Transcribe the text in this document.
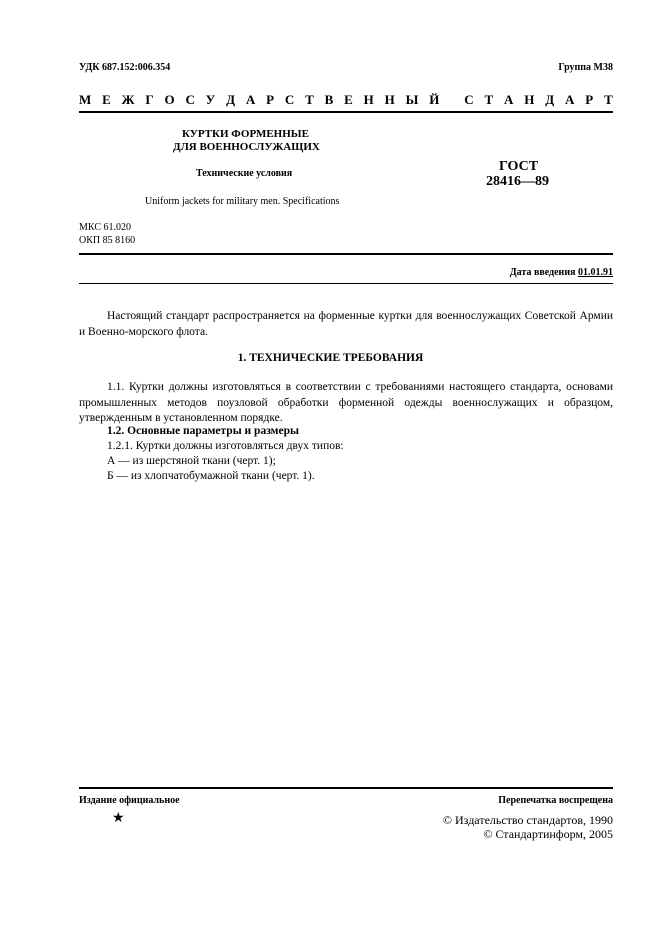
УДК 687.152:006.354	Группа М38
М Е Ж Г О С У Д А Р С Т В Е Н Н Ы Й
С Т А Н Д А Р Т
КУРТКИ ФОРМЕННЫЕ
ДЛЯ ВОЕННОСЛУЖАЩИХ
Технические условия
Uniform jackets for military men. Specifications
ГОСТ
28416—89
МКС 61.020
ОКП 85 8160
Дата введения 01.01.91
Настоящий стандарт распространяется на форменные куртки для военнослужащих Советской Армии и Военно-морского флота.
1. ТЕХНИЧЕСКИЕ ТРЕБОВАНИЯ
1.1. Куртки должны изготовляться в соответствии с требованиями настоящего стандарта, основами промышленных методов поузловой обработки форменной одежды военнослужащих и образцом, утвержденным в установленном порядке.
1.2. Основные параметры и размеры
1.2.1. Куртки должны изготовляться двух типов:
А — из шерстяной ткани (черт. 1);
Б — из хлопчатобумажной ткани (черт. 1).
Издание официальное	Перепечатка воспрещена
★	© Издательство стандартов, 1990
© Стандартинформ, 2005
